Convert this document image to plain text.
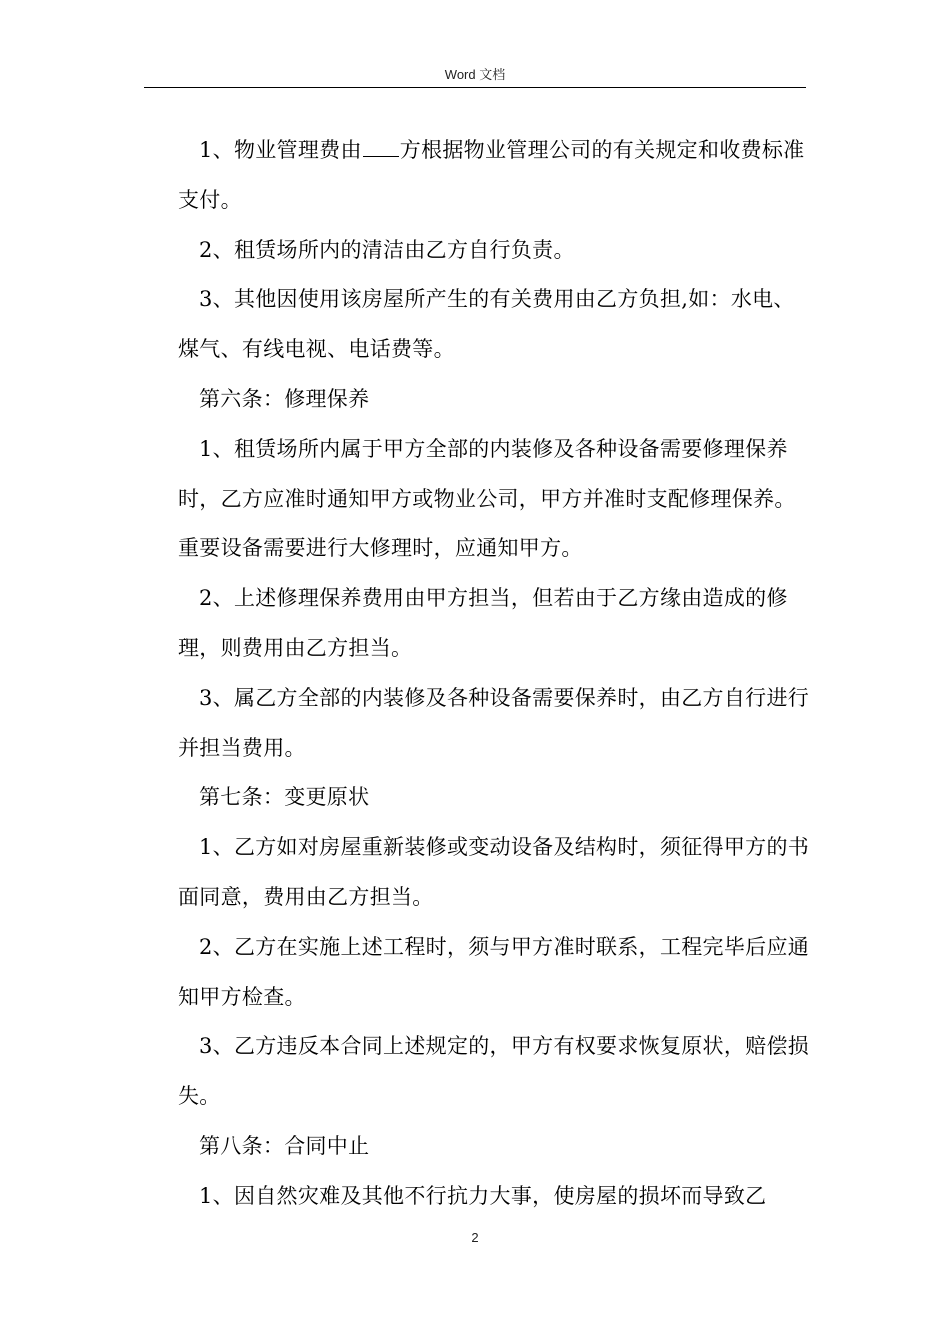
Word 文档

1、物业管理费由 方根据物业管理公司的有关规定和收费标准支付。

2、租赁场所内的清洁由乙方自行负责。

3、其他因使用该房屋所产生的有关费用由乙方负担,如：水电、煤气、有线电视、电话费等。

第六条：修理保养

1、租赁场所内属于甲方全部的内装修及各种设备需要修理保养时，乙方应准时通知甲方或物业公司，甲方并准时支配修理保养。重要设备需要进行大修理时，应通知甲方。

2、上述修理保养费用由甲方担当，但若由于乙方缘由造成的修理，则费用由乙方担当。

3、属乙方全部的内装修及各种设备需要保养时，由乙方自行进行并担当费用。

第七条：变更原状

1、乙方如对房屋重新装修或变动设备及结构时，须征得甲方的书面同意，费用由乙方担当。

2、乙方在实施上述工程时，须与甲方准时联系，工程完毕后应通知甲方检查。

3、乙方违反本合同上述规定的，甲方有权要求恢复原状，赔偿损失。

第八条：合同中止

1、因自然灾难及其他不行抗力大事，使房屋的损坏而导致乙

2
